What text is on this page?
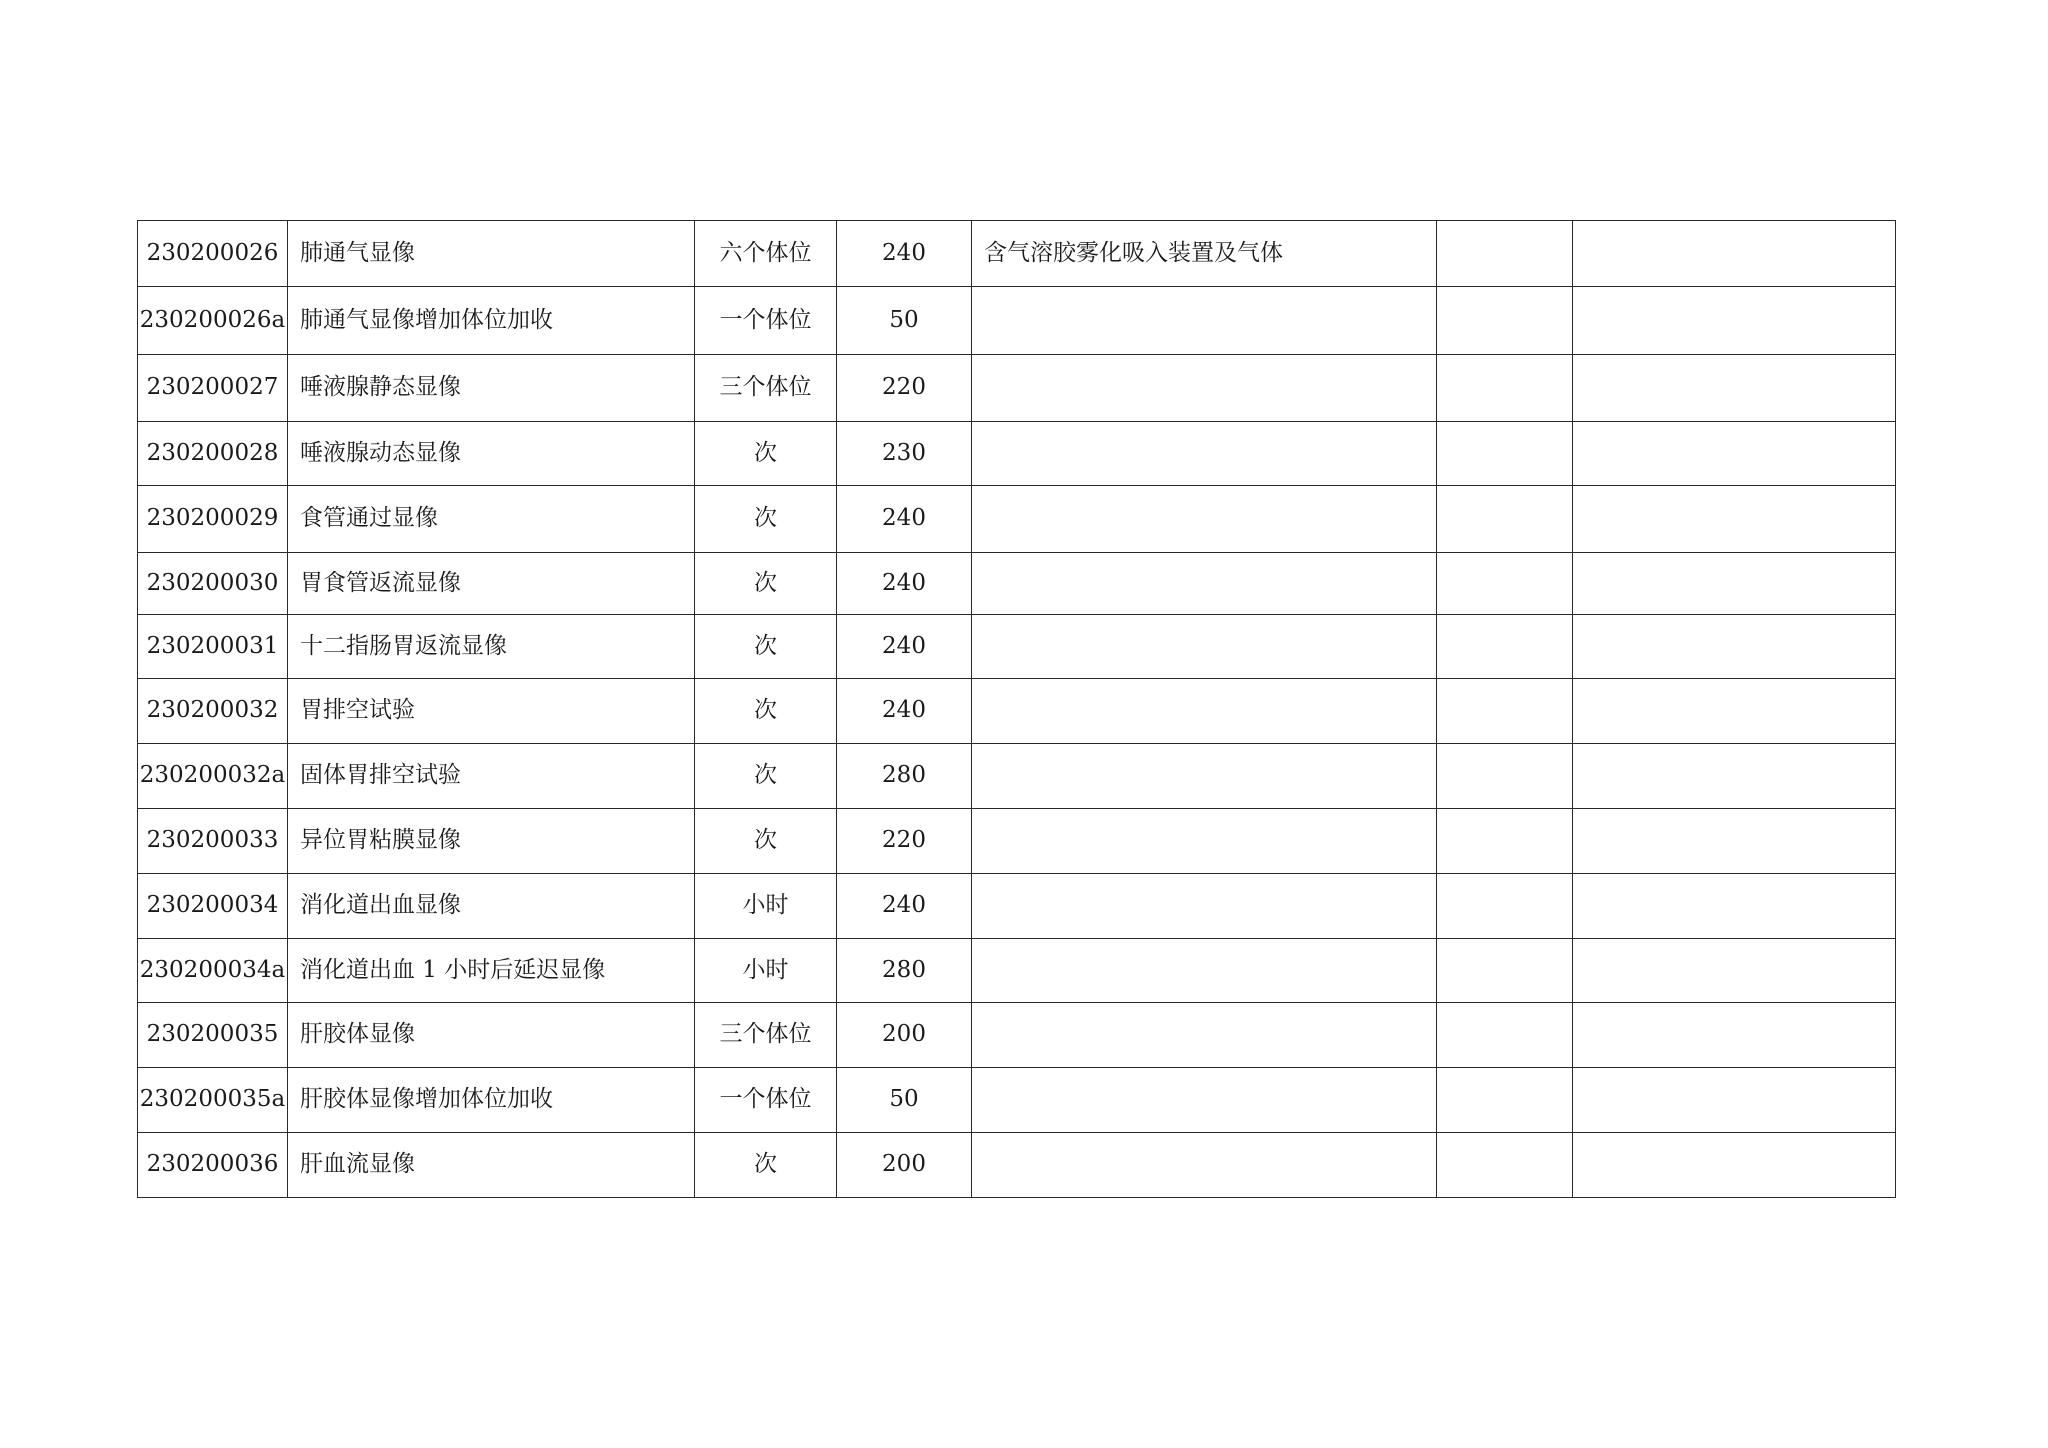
230200026	肺通气显像	六个体位	240	含气溶胶雾化吸入装置及气体		
230200026a	肺通气显像增加体位加收	一个体位	50			
230200027	唾液腺静态显像	三个体位	220			
230200028	唾液腺动态显像	次	230			
230200029	食管通过显像	次	240			
230200030	胃食管返流显像	次	240			
230200031	十二指肠胃返流显像	次	240			
230200032	胃排空试验	次	240			
230200032a	固体胃排空试验	次	280			
230200033	异位胃粘膜显像	次	220			
230200034	消化道出血显像	小时	240			
230200034a	消化道出血 1 小时后延迟显像	小时	280			
230200035	肝胶体显像	三个体位	200			
230200035a	肝胶体显像增加体位加收	一个体位	50			
230200036	肝血流显像	次	200			
